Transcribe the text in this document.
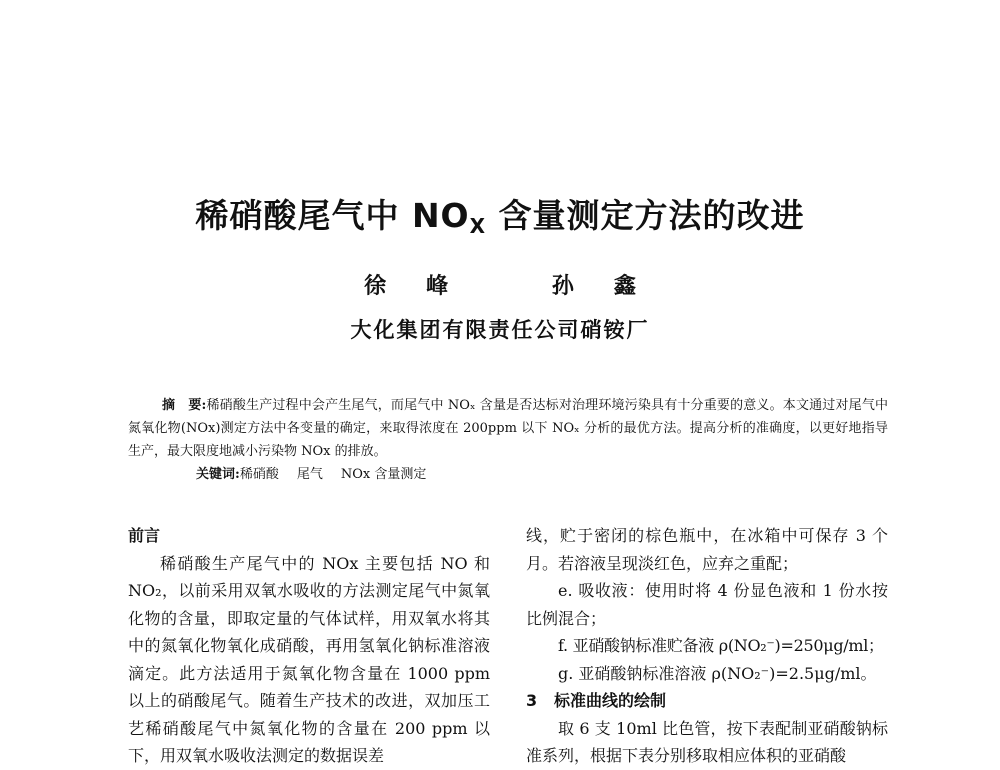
稀硝酸尾气中 $NO_X$ 含量测定方法的改进
徐峰	孙鑫
大化集团有限责任公司硝铵厂
摘　要:稀硝酸生产过程中会产生尾气，而尾气中 NOₓ 含量是否达标对治理环境污染具有十分重要的意义。本文通过对尾气中氮氧化物(NOx)测定方法中各变量的确定，来取得浓度在 200ppm 以下 NOₓ 分析的最优方法。提高分析的准确度，以更好地指导生产，最大限度地减小污染物 NOx 的排放。
关键词:稀硝酸 尾气 NOx 含量测定

前言

稀硝酸生产尾气中的 NOx 主要包括 NO 和 NO₂，以前采用双氧水吸收的方法测定尾气中氮氧化物的含量，即取定量的气体试样，用双氧水将其中的氮氧化物氧化成硝酸，再用氢氧化钠标准溶液滴定。此方法适用于氮氧化物含量在 1000 ppm 以上的硝酸尾气。随着生产技术的改进，双加压工艺稀硝酸尾气中氮氧化物的含量在 200 ppm 以下，用双氧水吸收法测定的数据误差

线，贮于密闭的棕色瓶中，在冰箱中可保存 3 个月。若溶液呈现淡红色，应弃之重配；

e. 吸收液：使用时将 4 份显色液和 1 份水按比例混合；

f. 亚硝酸钠标准贮备液 ρ(NO₂⁻)=250μg/ml；

g. 亚硝酸钠标准溶液 ρ(NO₂⁻)=2.5μg/ml。

3 标准曲线的绘制

取 6 支 10ml 比色管，按下表配制亚硝酸钠标准系列，根据下表分别移取相应体积的亚硝酸
